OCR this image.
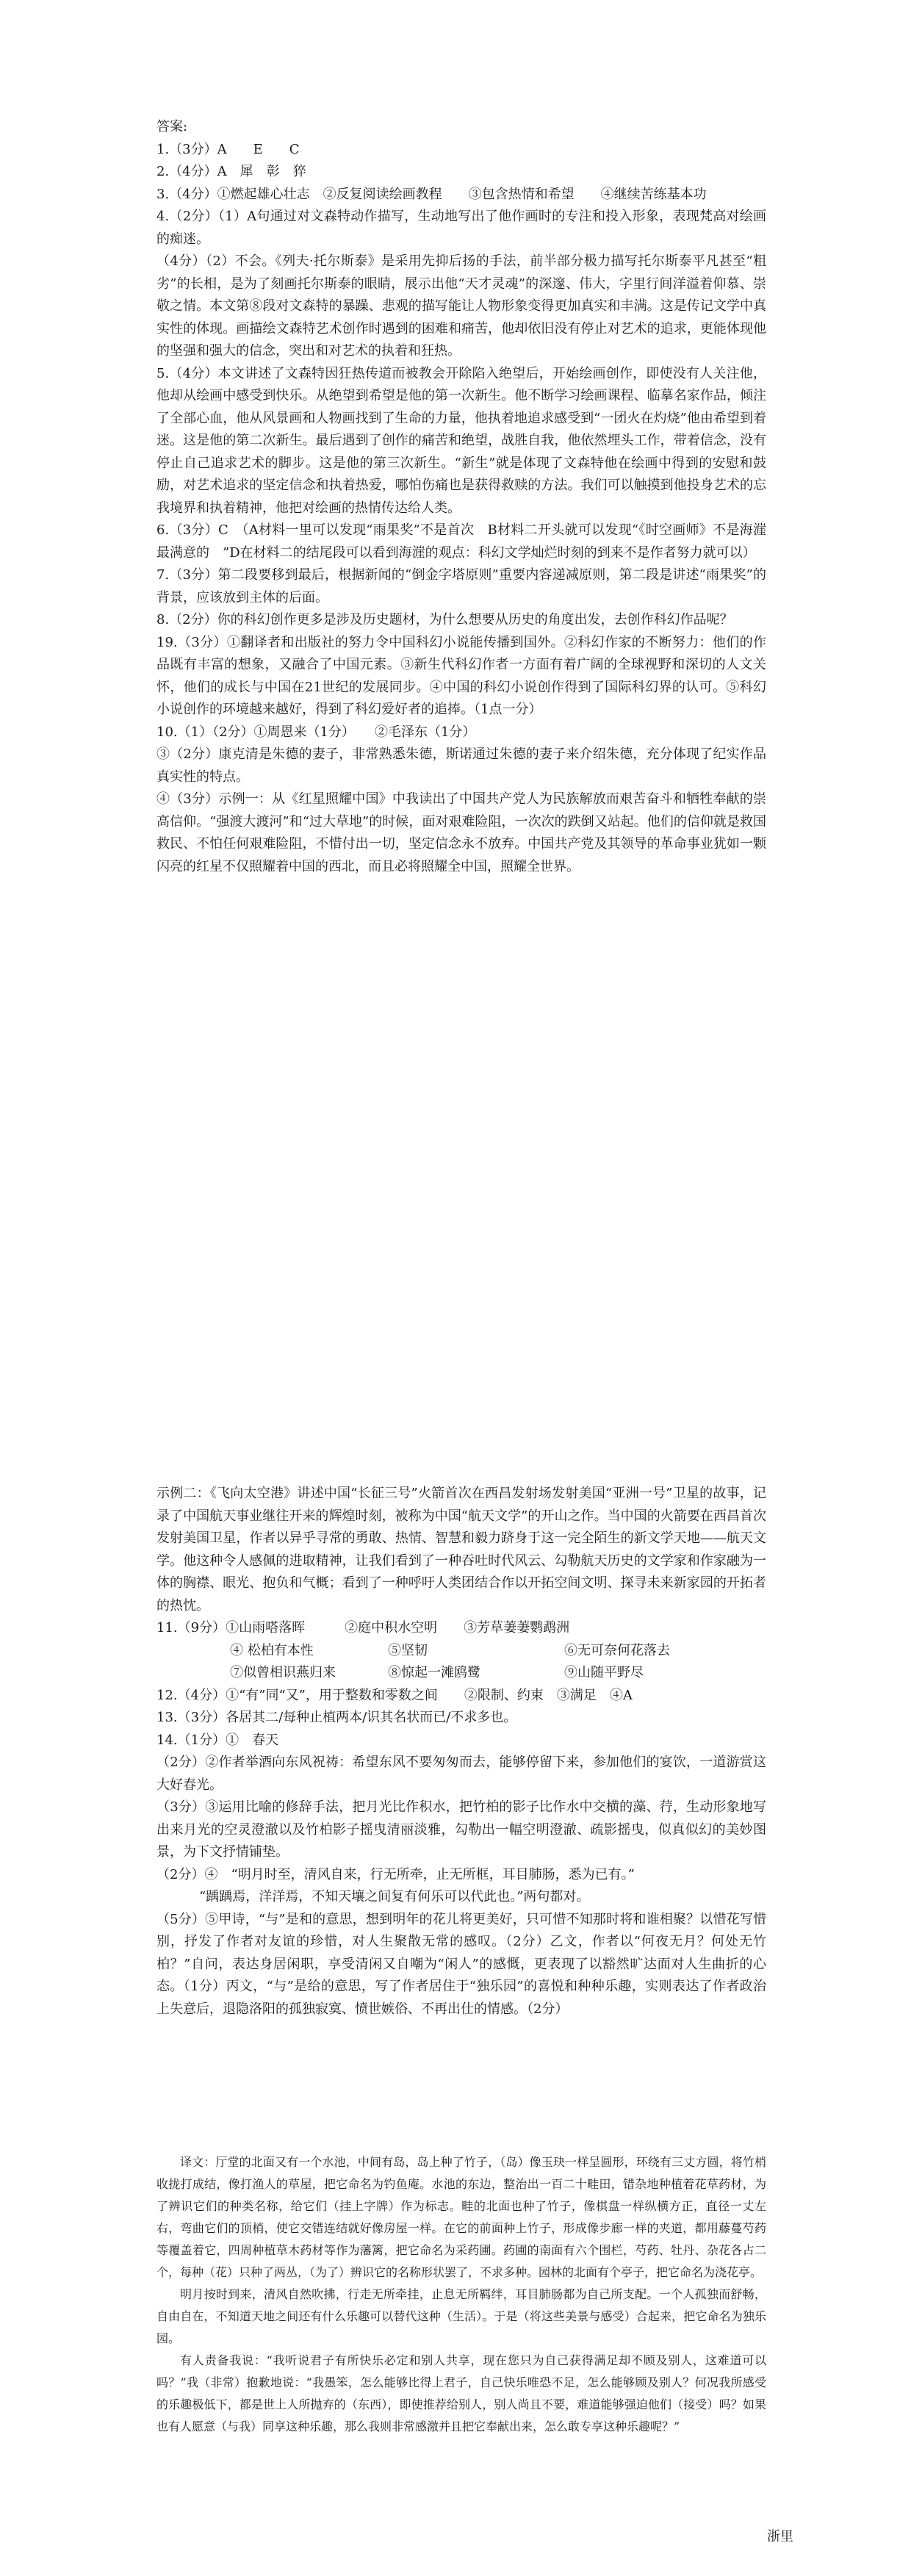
答案:

1.（3分）A　　E　　C

2.（4分）A　犀　彰　猝

3.（4分）①燃起雄心壮志　②反复阅读绘画教程　　③包含热情和希望　　④继续苦练基本功

4.（2分）（1）A句通过对文森特动作描写，生动地写出了他作画时的专注和投入形象，表现梵高对绘画的痴迷。

（4分）（2）不会。《列夫·托尔斯泰》是采用先抑后扬的手法，前半部分极力描写托尔斯泰平凡甚至“粗劣”的长相，是为了刻画托尔斯泰的眼睛，展示出他“天才灵魂”的深邃、伟大，字里行间洋溢着仰慕、崇敬之情。本文第⑧段对文森特的暴躁、悲观的描写能让人物形象变得更加真实和丰满。这是传记文学中真实性的体现。画描绘文森特艺术创作时遇到的困难和痛苦，他却依旧没有停止对艺术的追求，更能体现他的坚强和强大的信念，突出和对艺术的执着和狂热。

5.（4分）本文讲述了文森特因狂热传道而被教会开除陷入绝望后，开始绘画创作，即使没有人关注他，他却从绘画中感受到快乐。从绝望到希望是他的第一次新生。他不断学习绘画课程、临摹名家作品，倾注了全部心血，他从风景画和人物画找到了生命的力量，他执着地追求感受到“一团火在灼烧”他由希望到着迷。这是他的第二次新生。最后遇到了创作的痛苦和绝望，战胜自我，他依然埋头工作，带着信念，没有停止自己追求艺术的脚步。这是他的第三次新生。“新生”就是体现了文森特他在绘画中得到的安慰和鼓励，对艺术追求的坚定信念和执着热爱，哪怕伤痛也是获得救赎的方法。我们可以触摸到他投身艺术的忘我境界和执着精神，他把对绘画的热情传达给人类。

6.（3分）C　（A材料一里可以发现“雨果奖”不是首次　B材料二开头就可以发现“《时空画师》不是海漄最满意的　”D在材料二的结尾段可以看到海漄的观点：科幻文学灿烂时刻的到来不是作者努力就可以）

7.（3分）第二段要移到最后，根据新闻的“倒金字塔原则”重要内容递减原则，第二段是讲述“雨果奖”的背景，应该放到主体的后面。

8.（2分）你的科幻创作更多是涉及历史题材，为什么想要从历史的角度出发，去创作科幻作品呢？

19.（3分）①翻译者和出版社的努力令中国科幻小说能传播到国外。②科幻作家的不断努力：他们的作品既有丰富的想象，又融合了中国元素。③新生代科幻作者一方面有着广阔的全球视野和深切的人文关怀，他们的成长与中国在21世纪的发展同步。④中国的科幻小说创作得到了国际科幻界的认可。⑤科幻小说创作的环境越来越好，得到了科幻爱好者的追捧。（1点一分）

10.（1）（2分）①周恩来（1分）　　②毛泽东（1分）

③（2分）康克清是朱德的妻子，非常熟悉朱德，斯诺通过朱德的妻子来介绍朱德，充分体现了纪实作品真实性的特点。

④（3分）示例一：从《红星照耀中国》中我读出了中国共产党人为民族解放而艰苦奋斗和牺牲奉献的崇高信仰。“强渡大渡河”和“过大草地”的时候，面对艰难险阻，一次次的跌倒又站起。他们的信仰就是救国救民、不怕任何艰难险阻，不惜付出一切，坚定信念永不放弃。中国共产党及其领导的革命事业犹如一颗闪亮的红星不仅照耀着中国的西北，而且必将照耀全中国，照耀全世界。

示例二：《飞向太空港》讲述中国“长征三号”火箭首次在西昌发射场发射美国“亚洲一号”卫星的故事，记录了中国航天事业继往开来的辉煌时刻，被称为中国“航天文学”的开山之作。当中国的火箭要在西昌首次发射美国卫星，作者以异乎寻常的勇敢、热情、智慧和毅力跻身于这一完全陌生的新文学天地——航天文学。他这种令人感佩的进取精神，让我们看到了一种吞吐时代风云、勾勒航天历史的文学家和作家融为一体的胸襟、眼光、抱负和气概；看到了一种呼吁人类团结合作以开拓空间文明、探寻未来新家园的开拓者的热忱。

11.（9分）①山雨嗒落晖　　　②庭中积水空明　　③芳草萋萋鹦鹉洲

④ 松柏有本性	⑤坚韧	⑥无可奈何花落去
⑦似曾相识燕归来	⑧惊起一滩鸥鹭	⑨山随平野尽

12.（4分）①“有”同“又”，用于整数和零数之间　　②限制、约束　③满足　④A

13.（3分）各居其二/每种止植两本/识其名状而已/不求多也。

14.（1分）①　春天

（2分）②作者举酒向东风祝祷：希望东风不要匆匆而去，能够停留下来，参加他们的宴饮，一道游赏这大好春光。

（3分）③运用比喻的修辞手法，把月光比作积水，把竹柏的影子比作水中交横的藻、荇，生动形象地写出来月光的空灵澄澈以及竹柏影子摇曳清丽淡雅，勾勒出一幅空明澄澈、疏影摇曳，似真似幻的美妙图景，为下文抒情铺垫。

（2分）④　“明月时至，清风自来，行无所牵，止无所框，耳目肺肠，悉为已有。”

“踽踽焉，洋洋焉，不知天壤之间复有何乐可以代此也。”两句都对。

（5分）⑤甲诗，“与”是和的意思，想到明年的花儿将更美好，只可惜不知那时将和谁相聚？以惜花写惜别，抒发了作者对友谊的珍惜，对人生聚散无常的感叹。（2分）乙文，作者以“何夜无月？何处无竹柏？”自问，表达身居闲职，享受清闲又自嘲为“闲人”的感慨，更表现了以豁然旷达面对人生曲折的心态。（1分）丙文，“与”是给的意思，写了作者居住于“独乐园”的喜悦和种种乐趣，实则表达了作者政治上失意后，退隐洛阳的孤独寂寞、愤世嫉俗、不再出仕的情感。（2分）

译文：厅堂的北面又有一个水池，中间有岛，岛上种了竹子，（岛）像玉玦一样呈圆形，环绕有三丈方圆，将竹梢收拢打成结，像打渔人的草屋，把它命名为钓鱼庵。水池的东边，整治出一百二十畦田，错杂地种植着花草药材，为了辨识它们的种类名称，给它们（挂上字牌）作为标志。畦的北面也种了竹子，像棋盘一样纵横方正，直径一丈左右，弯曲它们的顶梢，使它交错连结就好像房屋一样。在它的前面种上竹子，形成像步廊一样的夹道，都用藤蔓芍药等覆盖着它，四周种植草木药材等作为藩篱，把它命名为采药圃。药圃的南面有六个围栏，芍药、牡丹、杂花各占二个，每种（花）只种了两丛，（为了）辨识它的名称形状罢了，不求多种。园林的北面有个亭子，把它命名为浇花亭。

明月按时到来，清风自然吹拂，行走无所牵挂，止息无所羁绊，耳目肺肠都为自己所支配。一个人孤独而舒畅，自由自在，不知道天地之间还有什么乐趣可以替代这种（生活）。于是（将这些美景与感受）合起来，把它命名为独乐园。

有人责备我说：“我听说君子有所快乐必定和别人共享，现在您只为自己获得满足却不顾及别人，这难道可以吗？”我（非常）抱歉地说：“我愚笨，怎么能够比得上君子，自己快乐唯恐不足，怎么能够顾及别人？何况我所感受的乐趣极低下，都是世上人所抛弃的（东西），即使推荐给别人，别人尚且不要，难道能够强迫他们（接受）吗？如果也有人愿意（与我）同享这种乐趣，那么我则非常感激并且把它奉献出来，怎么敢专享这种乐趣呢？”

浙里
